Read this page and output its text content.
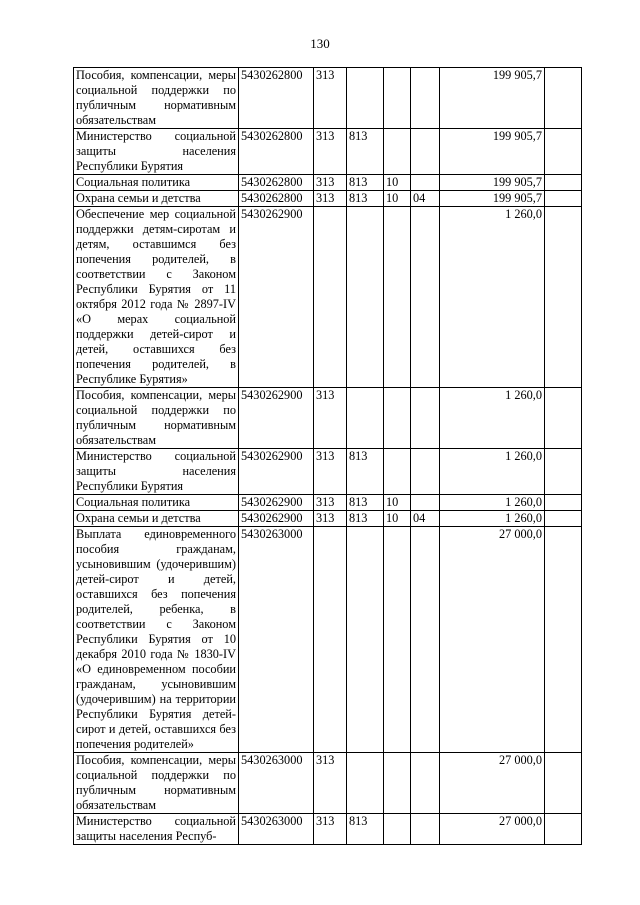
130
Пособия, компенсации, меры социальной поддержки по публичным нормативным обязательствам	5430262800	313				199 905,7	
Министерство социальной защиты населения Республики Бурятия	5430262800	313	813			199 905,7	
Социальная политика	5430262800	313	813	10		199 905,7	
Охрана семьи и детства	5430262800	313	813	10	04	199 905,7	
Обеспечение мер социальной поддержки детям-сиротам и детям, оставшимся без попечения родителей, в соответствии с Законом Республики Бурятия от 11 октября 2012 года № 2897-IV «О мерах социальной поддержки детей-сирот и детей, оставшихся без попечения родителей, в Республике Бурятия»	5430262900					1 260,0	
Пособия, компенсации, меры социальной поддержки по публичным нормативным обязательствам	5430262900	313				1 260,0	
Министерство социальной защиты населения Республики Бурятия	5430262900	313	813			1 260,0	
Социальная политика	5430262900	313	813	10		1 260,0	
Охрана семьи и детства	5430262900	313	813	10	04	1 260,0	
Выплата единовременного пособия гражданам, усыновившим (удочерившим) детей-сирот и детей, оставшихся без попечения родителей, ребенка, в соответствии с Законом Республики Бурятия от 10 декабря 2010 года № 1830-IV «О единовременном пособии гражданам, усыновившим (удочерившим) на территории Республики Бурятия детей-сирот и детей, оставшихся без попечения родителей»	5430263000					27 000,0	
Пособия, компенсации, меры социальной поддержки по публичным нормативным обязательствам	5430263000	313				27 000,0	
Министерство социальной защиты населения Респуб-	5430263000	313	813			27 000,0	
